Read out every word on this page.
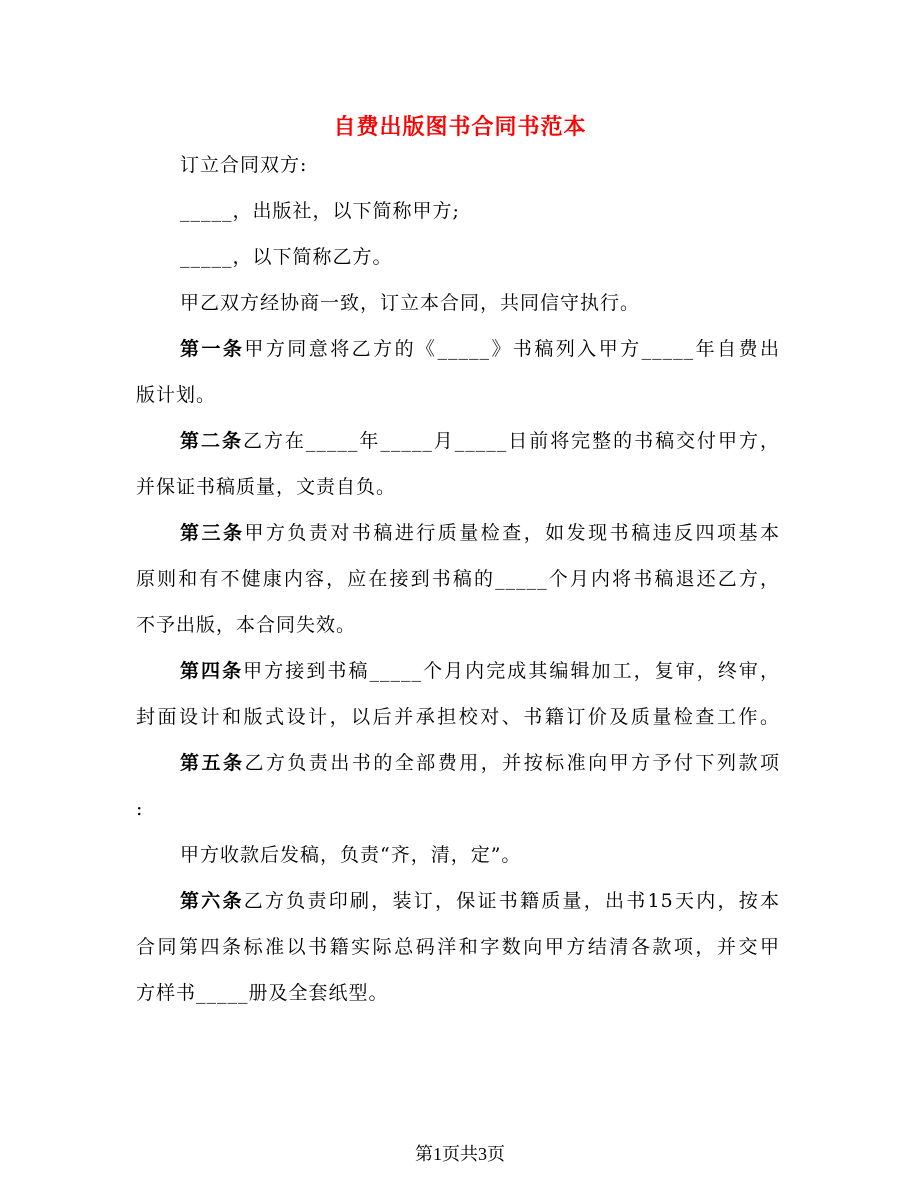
自费出版图书合同书范本
订立合同双方:
_____，出版社，以下简称甲方;
_____，以下简称乙方。
甲乙双方经协商一致，订立本合同，共同信守执行。
第一条甲方同意将乙方的《_____》书稿列入甲方_____年自费出
版计划。
第二条乙方在_____年_____月_____日前将完整的书稿交付甲方，
并保证书稿质量，文责自负。
第三条甲方负责对书稿进行质量检查，如发现书稿违反四项基本
原则和有不健康内容，应在接到书稿的_____个月内将书稿退还乙方，
不予出版，本合同失效。
第四条甲方接到书稿_____个月内完成其编辑加工，复审，终审，
封面设计和版式设计，以后并承担校对、书籍订价及质量检查工作。
第五条乙方负责出书的全部费用，并按标准向甲方予付下列款项
:
甲方收款后发稿，负责“齐，清，定”。
第六条乙方负责印刷，装订，保证书籍质量，出书15天内，按本
合同第四条标准以书籍实际总码洋和字数向甲方结清各款项，并交甲
方样书_____册及全套纸型。
第1页共3页
